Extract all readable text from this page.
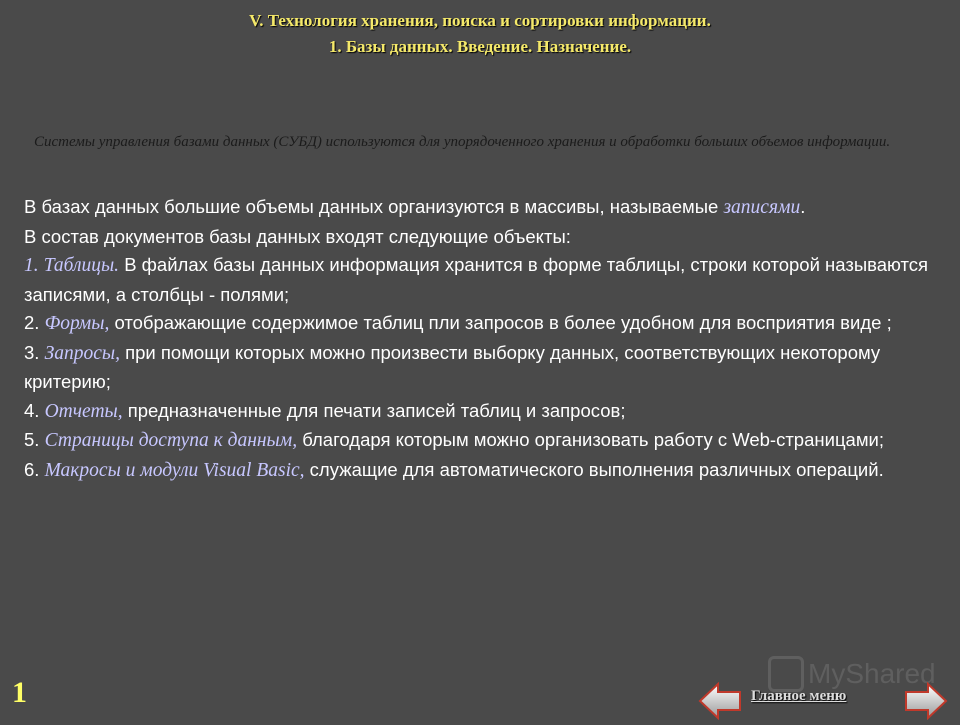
V. Технология хранения, поиска и сортировки информации.
1. Базы данных. Введение. Назначение.
Системы управления базами данных (СУБД) используются для упорядоченного хранения и обработки больших объемов информации.

В базах данных большие объемы данных организуются в массивы, называемые записями.

В состав документов базы данных входят следующие объекты:

1. Таблицы. В файлах базы данных информация хранится в форме таблицы, строки которой называются записями, а столбцы - полями;

2. Формы, отображающие содержимое таблиц пли запросов в более удобном для восприятия виде ;

3. Запросы, при помощи которых можно произвести выборку данных, соответствующих некоторому критерию;

4. Отчеты, предназначенные для печати записей таблиц и запросов;

5. Страницы доступа к данным, благодаря которым можно организовать работу с Web-страницами;

6. Макросы и модули Visual Basic, служащие для автоматического выполнения различных операций.

1
MyShared
Главное меню
